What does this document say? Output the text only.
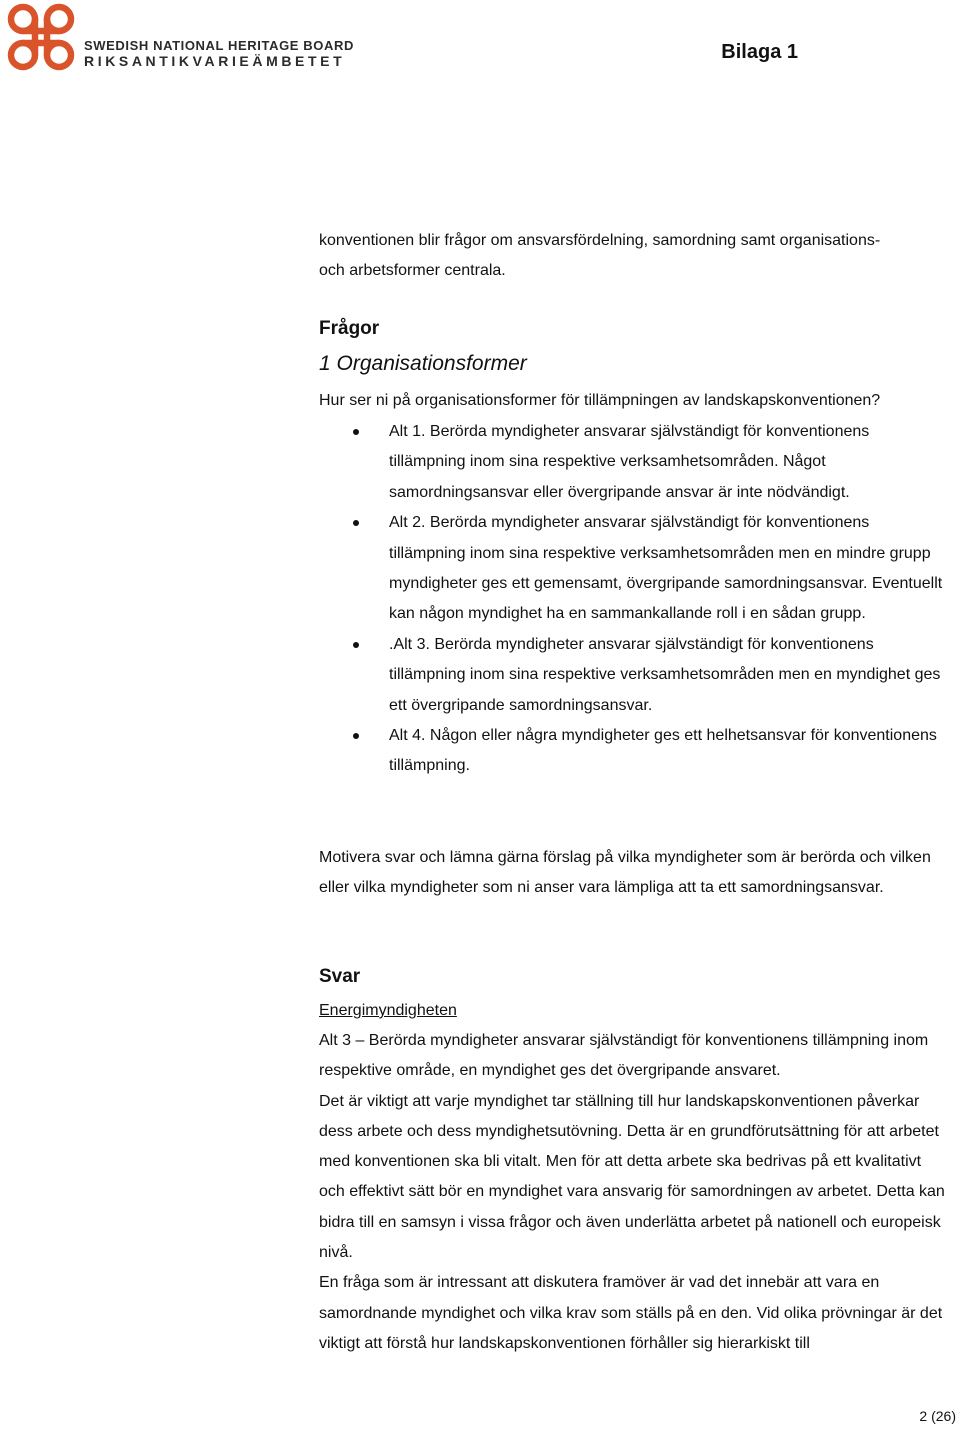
SWEDISH NATIONAL HERITAGE BOARD
RIKSANTIKVARIEÄMBETET	Bilaga 1

konventionen blir frågor om ansvarsfördelning, samordning samt organisations-

och arbetsformer centrala.

Frågor

1 Organisationsformer

Hur ser ni på organisationsformer för tillämpningen av landskapskonventionen?

Alt 1. Berörda myndigheter ansvarar självständigt för konventionens tillämpning inom sina respektive verksamhetsområden. Något samordningsansvar eller övergripande ansvar är inte nödvändigt.
Alt 2. Berörda myndigheter ansvarar självständigt för konventionens tillämpning inom sina respektive verksamhetsområden men en mindre grupp myndigheter ges ett gemensamt, övergripande samordningsansvar. Eventuellt kan någon myndighet ha en sammankallande roll i en sådan grupp.
.Alt 3. Berörda myndigheter ansvarar självständigt för konventionens tillämpning inom sina respektive verksamhetsområden men en myndighet ges ett övergripande samordningsansvar.
Alt 4. Någon eller några myndigheter ges ett helhetsansvar för konventionens tillämpning.

Motivera svar och lämna gärna förslag på vilka myndigheter som är berörda och vilken eller vilka myndigheter som ni anser vara lämpliga att ta ett samordningsansvar.

Svar

Energimyndigheten

Alt 3 – Berörda myndigheter ansvarar självständigt för konventionens tillämpning inom respektive område, en myndighet ges det övergripande ansvaret.

Det är viktigt att varje myndighet tar ställning till hur landskapskonventionen påverkar dess arbete och dess myndighetsutövning. Detta är en grundförutsättning för att arbetet med konventionen ska bli vitalt. Men för att detta arbete ska bedrivas på ett kvalitativt och effektivt sätt bör en myndighet vara ansvarig för samordningen av arbetet. Detta kan bidra till en samsyn i vissa frågor och även underlätta arbetet på nationell och europeisk nivå.

En fråga som är intressant att diskutera framöver är vad det innebär att vara en samordnande myndighet och vilka krav som ställs på en den. Vid olika prövningar är det viktigt att förstå hur landskapskonventionen förhåller sig hierarkiskt till

2 (26)
